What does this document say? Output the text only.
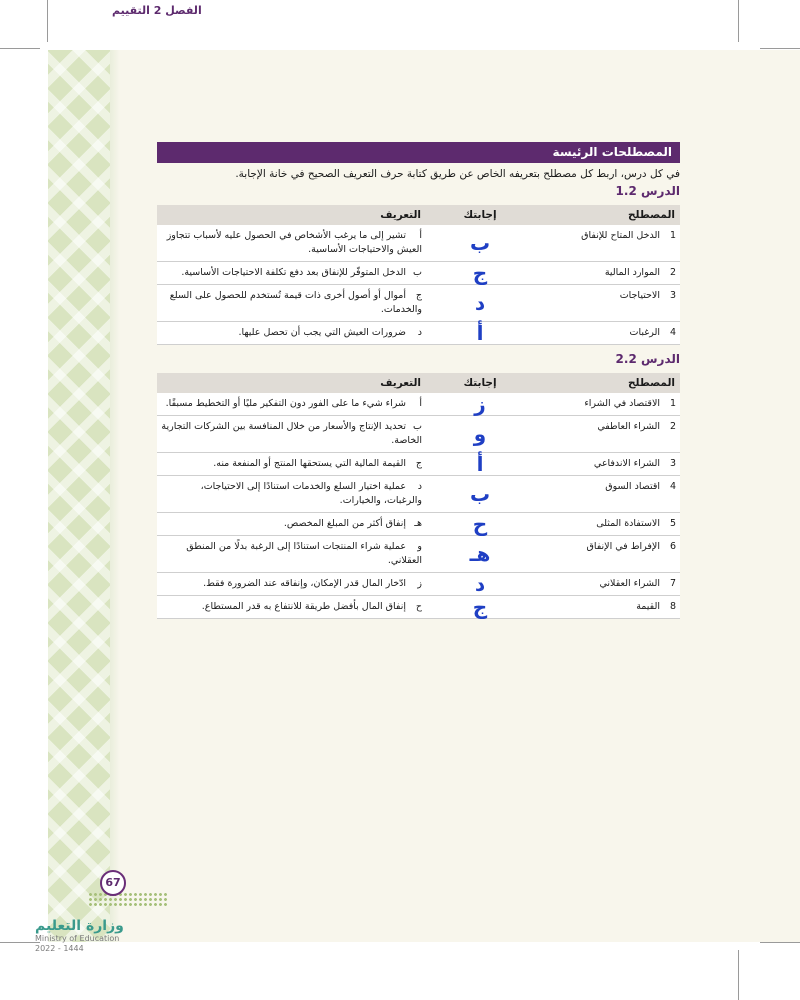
المصطلحات الرئيسة
في كل درس، اربط كل مصطلح بتعريفه الخاص عن طريق كتابة حرف التعريف الصحيح في خانة الإجابة.
الدرس 1.2
المصطلح	إجابتك	التعريف
1الدخل المتاح للإنفاق	ب	أتشير إلى ما يرغب الأشخاص في الحصول عليه لأسباب تتجاوز العيش والاحتياجات الأساسية.
2الموارد المالية	ج	بالدخل المتوفّر للإنفاق بعد دفع تكلفة الاحتياجات الأساسية.
3الاحتياجات	د	جأموال أو أصول أخرى ذات قيمة تُستخدم للحصول على السلع والخدمات.
4الرغبات	أ	دضرورات العيش التي يجب أن تحصل عليها.
الدرس 2.2
المصطلح	إجابتك	التعريف
1الاقتصاد في الشراء	ز	أشراء شيء ما على الفور دون التفكير مليًا أو التخطيط مسبقًا.
2الشراء العاطفي	و	بتحديد الإنتاج والأسعار من خلال المنافسة بين الشركات التجارية الخاصة.
3الشراء الاندفاعي	أ	جالقيمة المالية التي يستحقها المنتج أو المنفعة منه.
4اقتصاد السوق	ب	دعملية اختيار السلع والخدمات استنادًا إلى الاحتياجات، والرغبات، والخيارات.
5الاستفادة المثلى	ح	هـإنفاق أكثر من المبلغ المخصص.
6الإفراط في الإنفاق	هـ	وعملية شراء المنتجات استنادًا إلى الرغبة بدلًا من المنطق العقلاني.
7الشراء العقلاني	د	زادّخار المال قدر الإمكان، وإنفاقه عند الضرورة فقط.
8القيمة	ج	حإنفاق المال بأفضل طريقة للانتفاع به قدر المستطاع.
67
الفصل 2 التقييم
وزارة التعليم
Ministry of Education
2022 - 1444
